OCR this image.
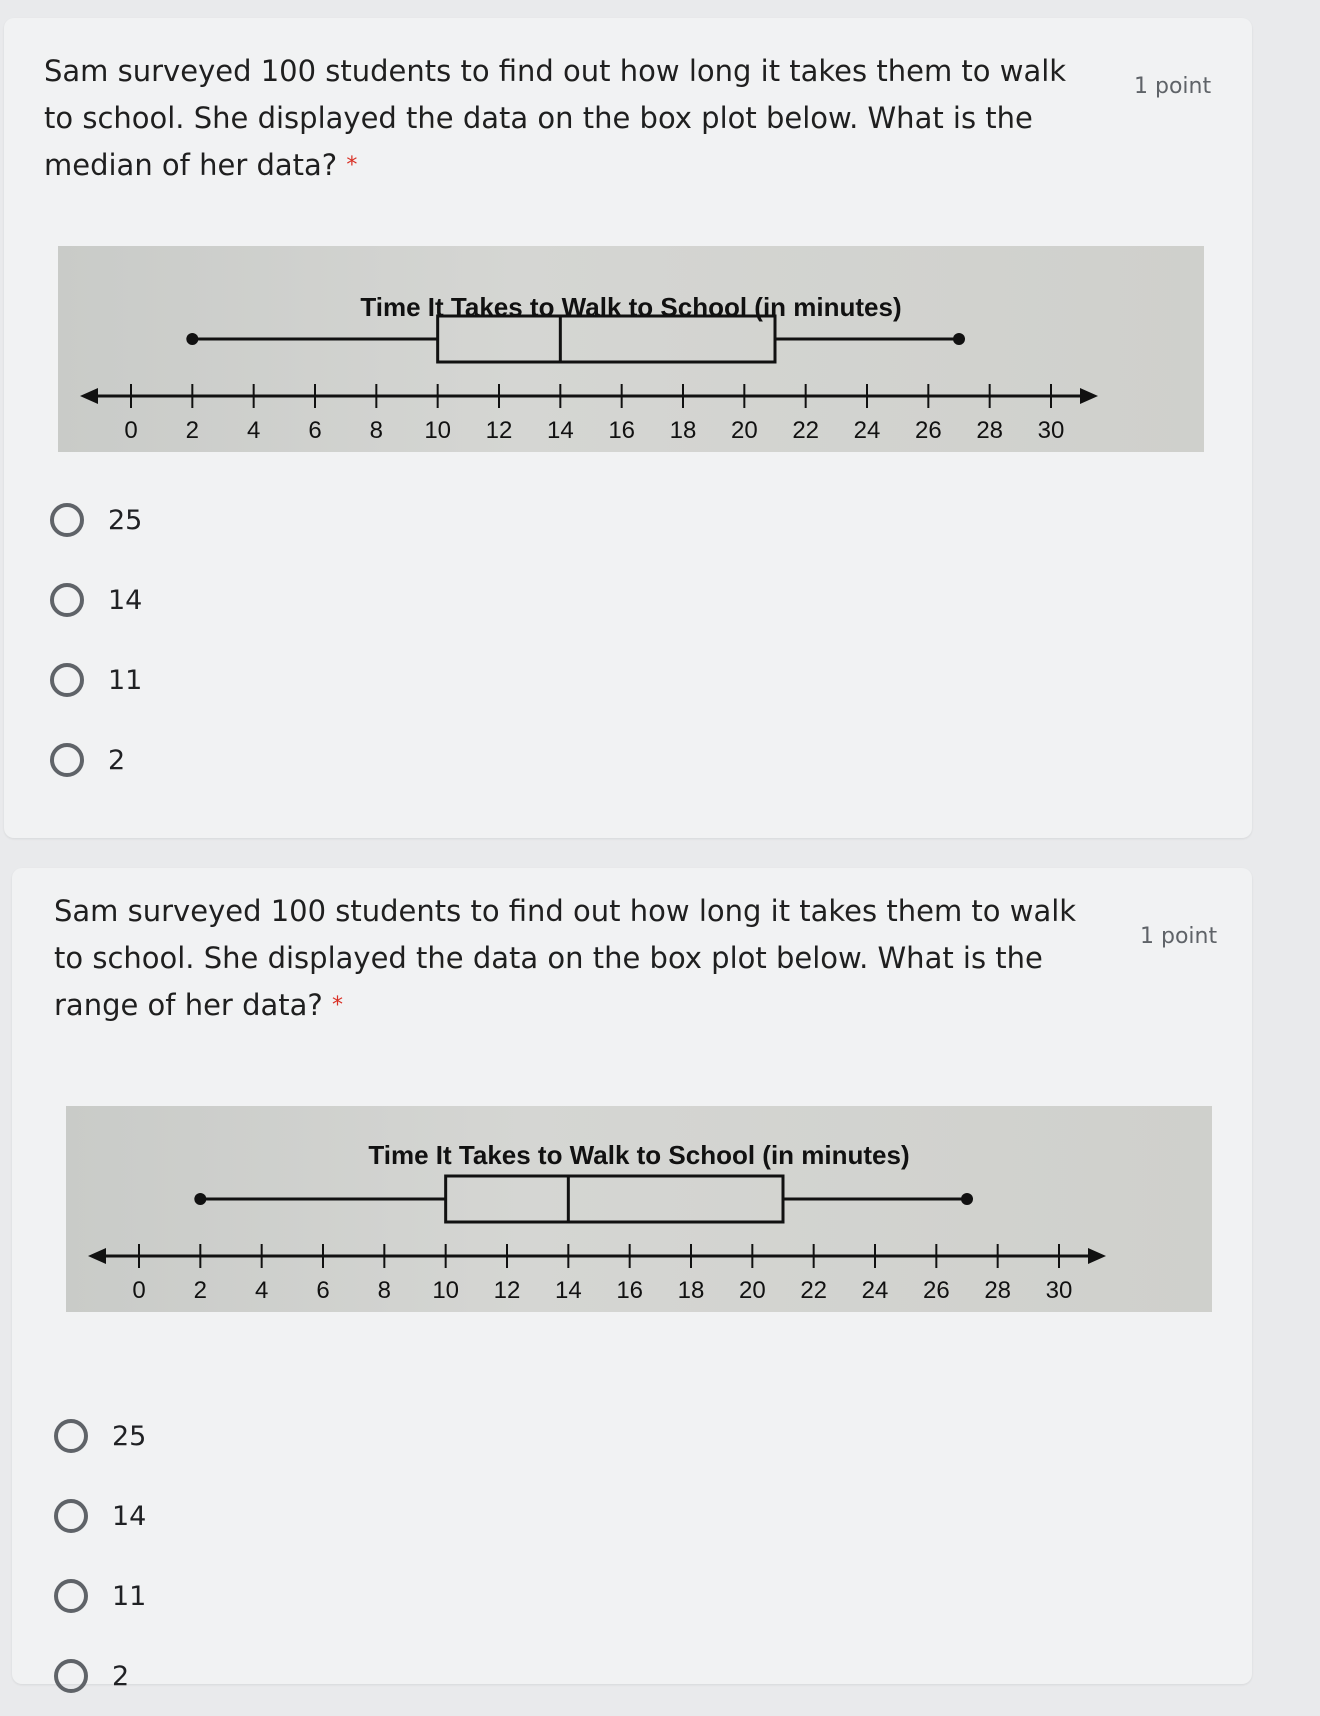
Sam surveyed 100 students to find out how long it takes them to walk to school. She displayed the data on the box plot below. What is the median of her data? *
1 point
Time It Takes to Walk to School (in minutes)
0 2 4 6 8 10 12 14 16 18 20 22 24 26 28 30
25
14
11
2
Sam surveyed 100 students to find out how long it takes them to walk to school. She displayed the data on the box plot below. What is the range of her data? *
1 point
Time It Takes to Walk to School (in minutes)
0 2 4 6 8 10 12 14 16 18 20 22 24 26 28 30
25
14
11
2
